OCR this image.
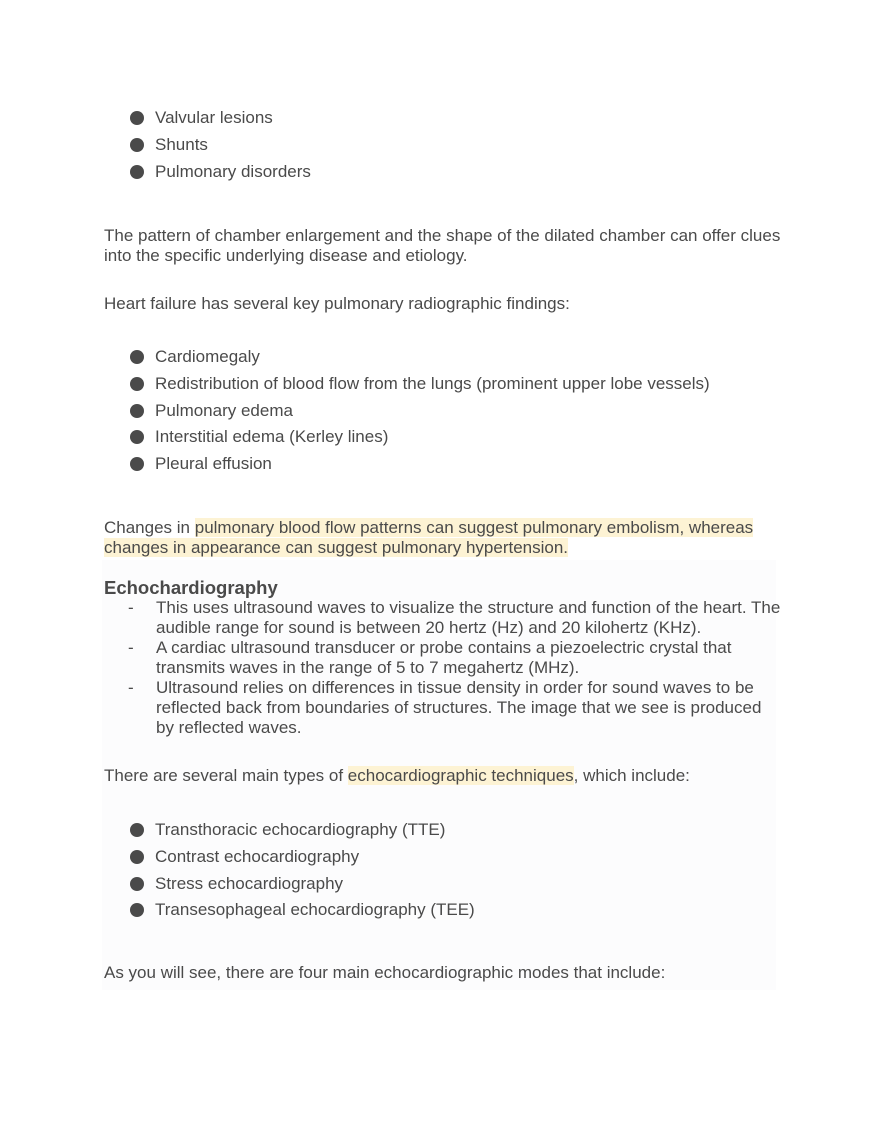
Valvular lesions
Shunts
Pulmonary disorders

The pattern of chamber enlargement and the shape of the dilated chamber can offer clues into the specific underlying disease and etiology.

Heart failure has several key pulmonary radiographic findings:

Cardiomegaly
Redistribution of blood flow from the lungs (prominent upper lobe vessels)
Pulmonary edema
Interstitial edema (Kerley lines)
Pleural effusion

Changes in pulmonary blood flow patterns can suggest pulmonary embolism, whereas changes in appearance can suggest pulmonary hypertension.

Echochardiography
- This uses ultrasound waves to visualize the structure and function of the heart. The audible range for sound is between 20 hertz (Hz) and 20 kilohertz (KHz).
- A cardiac ultrasound transducer or probe contains a piezoelectric crystal that transmits waves in the range of 5 to 7 megahertz (MHz).
- Ultrasound relies on differences in tissue density in order for sound waves to be reflected back from boundaries of structures. The image that we see is produced by reflected waves.

There are several main types of echocardiographic techniques, which include:

Transthoracic echocardiography (TTE)
Contrast echocardiography
Stress echocardiography
Transesophageal echocardiography (TEE)

As you will see, there are four main echocardiographic modes that include:
